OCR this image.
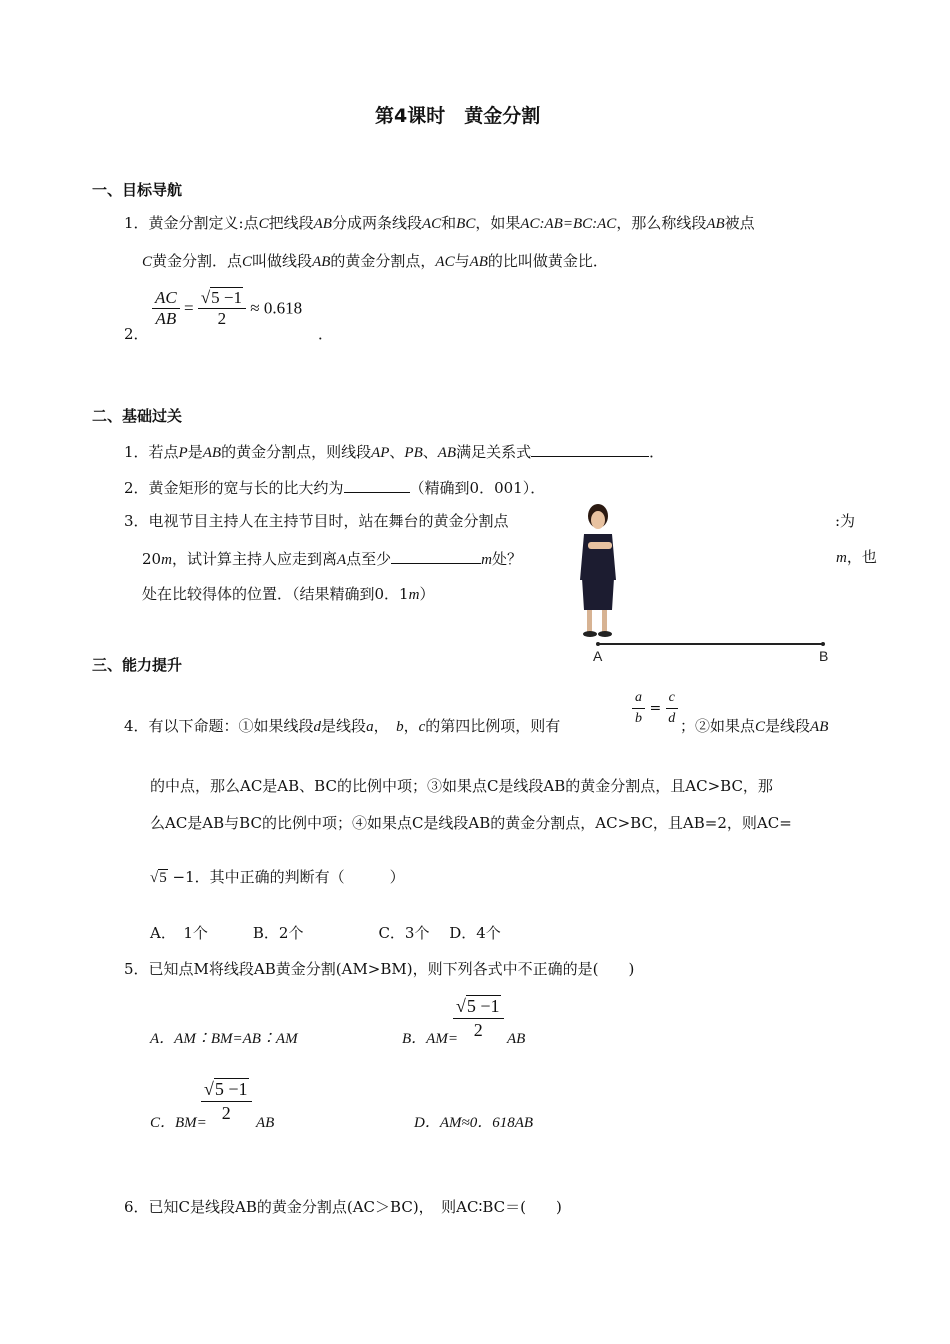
第4课时　黄金分割
一、目标导航
1．黄金分割定义:点C把线段AB分成两条线段AC和BC，如果AC:AB=BC:AC，那么称线段AB被点
C黄金分割．点C叫做线段AB的黄金分割点，AC与AB的比叫做黄金比．
2．
$\frac{AC}{AB} = \frac{√5 -1}{2} \approx 0.618$
．
二、基础过关
1．若点P是AB的黄金分割点，则线段AP、PB、AB满足关系式	．
2．黄金矩形的宽与长的比大约为	（精确到0．001）．
3．电视节目主持人在主持节目时，站在舞台的黄金分割点	:为
20m，试计算主持人应走到离A点至少	m处？	m，也
处在比较得体的位置．（结果精确到0．1m）
A	B
三、能力提升
4．有以下命题：①如果线段d是线段a，　 b，c的第四比例项，则有	$\frac{a}{b} = \frac{c}{d}$ ；②如果点C是线段AB
的中点，那么AC是AB、BC的比例中项；③如果点C是线段AB的黄金分割点，且AC>BC，那
么AC是AB与BC的比例中项；④如果点C是线段AB的黄金分割点，AC>BC，且AB=2，则AC=
√5 −1．其中正确的判断有（　　　）
A．　1个　　　B．2个　　　　　C．3个　 D．4个
5．已知点M将线段AB黄金分割(AM>BM)，则下列各式中不正确的是(　　)
A．AM∶BM=AB∶AM	B．AM=
$\frac{√5 -1}{2}$ AB
C．BM=
$\frac{√5 -1}{2}$ AB	D．AM≈0．618AB
6．已知C是线段AB的黄金分割点(AC＞BC)，　则AC∶BC＝(　　)
